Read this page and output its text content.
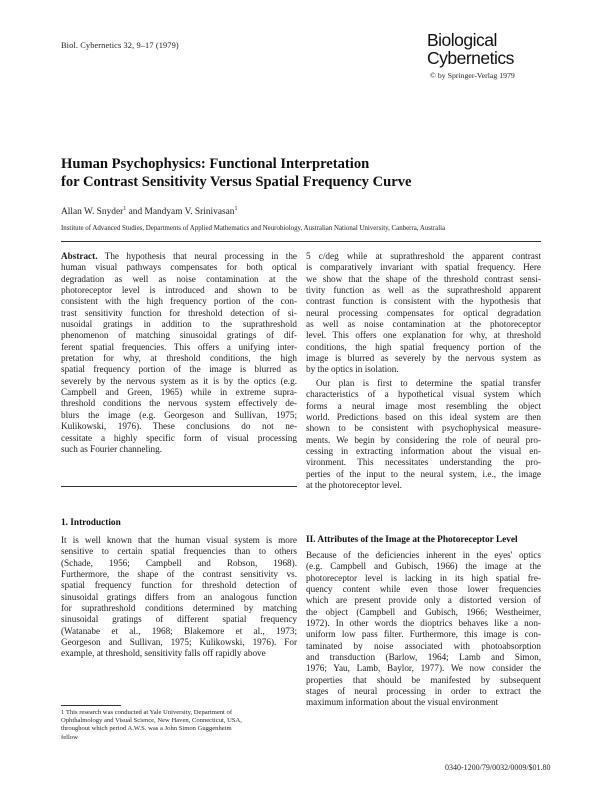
Biol. Cybernetics 32, 9–17 (1979)	Biological
Cybernetics
© by Springer-Verlag 1979
Human Psychophysics: Functional Interpretation
for Contrast Sensitivity Versus Spatial Frequency Curve
Allan W. Snyder$^1$ and Mandyam V. Srinivasan$^1$
Institute of Advanced Studies, Departments of Applied Mathematics and Neurobiology, Australian National University, Canberra, Australia
Abstract. The hypothesis that neural processing in the
human visual pathways compensates for both optical
degradation as well as noise contamination at the
photoreceptor level is introduced and shown to be
consistent with the high frequency portion of the con-
trast sensitivity function for threshold detection of si-
nusoidal gratings in addition to the suprathreshold
phenomenon of matching sinusoidal gratings of dif-
ferent spatial frequencies. This offers a unifying inter-
pretation for why, at threshold conditions, the high
spatial frequency portion of the image is blurred as
severely by the nervous system as it is by the optics (e.g.
Campbell and Green, 1965) while in extreme supra-
threshold conditions the nervous system effectively de-
blurs the image (e.g. Georgeson and Sullivan, 1975;
Kulikowski, 1976). These conclusions do not ne-
cessitate a highly specific form of visual processing
such as Fourier channeling.
1. Introduction
It is well known that the human visual system is more
sensitive to certain spatial frequencies than to others
(Schade, 1956; Campbell and Robson, 1968).
Furthermore, the shape of the contrast sensitivity vs.
spatial frequency function for threshold detection of
sinusoidal gratings differs from an analogous function
for suprathreshold conditions determined by matching
sinusoidal gratings of different spatial frequency
(Watanabe et al., 1968; Blakemore et al., 1973;
Georgeson and Sullivan, 1975; Kulikowski, 1976). For
example, at threshold, sensitivity falls off rapidly above
1 This research was conducted at Yale University, Department of
Ophthalmology and Visual Science, New Haven, Connecticut, USA,
throughout which period A.W.S. was a John Simon Guggenheim
fellow
5 c/deg while at suprathreshold the apparent contrast
is comparatively invariant with spatial frequency. Here
we show that the shape of the threshold contrast sensi-
tivity function as well as the suprathreshold apparent
contrast function is consistent with the hypothesis that
neural processing compensates for optical degradation
as well as noise contamination at the photoreceptor
level. This offers one explanation for why, at threshold
conditions, the high spatial frequency portion of the
image is blurred as severely by the nervous system as
by the optics in isolation.
Our plan is first to determine the spatial transfer
characteristics of a hypothetical visual system which
forms a neural image most resembling the object
world. Predictions based on this ideal system are then
shown to be consistent with psychophysical measure-
ments. We begin by considering the role of neural pro-
cessing in extracting information about the visual en-
vironment. This necessitates understanding the pro-
perties of the input to the neural system, i.e., the image
at the photoreceptor level.
II. Attributes of the Image at the Photoreceptor Level
Because of the deficiencies inherent in the eyes' optics
(e.g. Campbell and Gubisch, 1966) the image at the
photoreceptor level is lacking in its high spatial fre-
quency content while even those lower frequencies
which are present provide only a distorted version of
the object (Campbell and Gubisch, 1966; Westheimer,
1972). In other words the dioptrics behaves like a non-
uniform low pass filter. Furthermore, this image is con-
taminated by noise associated with photoabsorption
and transduction (Barlow, 1964; Lamb and Simon,
1976; Yau, Lamb, Baylor, 1977). We now consider the
properties that should be manifested by subsequent
stages of neural processing in order to extract the
maximum information about the visual environment
0340-1200/79/0032/0009/$01.80
